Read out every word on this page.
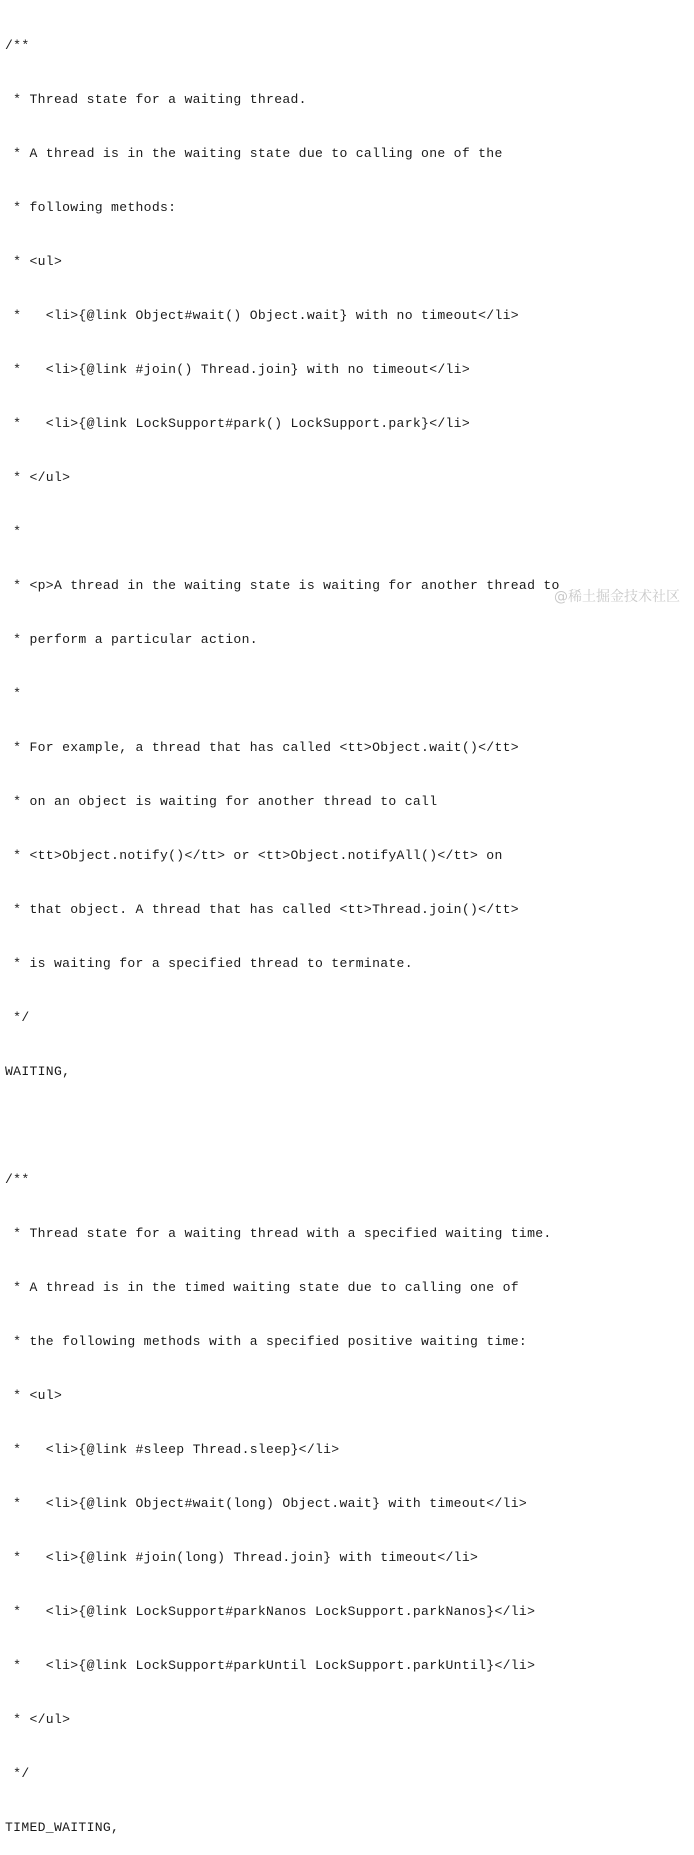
/**

* Thread state for a waiting thread.

* A thread is in the waiting state due to calling one of the

* following methods:

* <ul>

*   <li>{@link Object#wait() Object.wait} with no timeout</li>

*   <li>{@link #join() Thread.join} with no timeout</li>

*   <li>{@link LockSupport#park() LockSupport.park}</li>

* </ul>

*

* <p>A thread in the waiting state is waiting for another thread to

* perform a particular action.

*

* For example, a thread that has called <tt>Object.wait()</tt>

* on an object is waiting for another thread to call

* <tt>Object.notify()</tt> or <tt>Object.notifyAll()</tt> on

* that object. A thread that has called <tt>Thread.join()</tt>

* is waiting for a specified thread to terminate.

*/

WAITING,

/**

* Thread state for a waiting thread with a specified waiting time.

* A thread is in the timed waiting state due to calling one of

* the following methods with a specified positive waiting time:

* <ul>

*   <li>{@link #sleep Thread.sleep}</li>

*   <li>{@link Object#wait(long) Object.wait} with timeout</li>

*   <li>{@link #join(long) Thread.join} with timeout</li>

*   <li>{@link LockSupport#parkNanos LockSupport.parkNanos}</li>

*   <li>{@link LockSupport#parkUntil LockSupport.parkUntil}</li>

* </ul>

*/

TIMED_WAITING,

@稀土掘金技术社区
